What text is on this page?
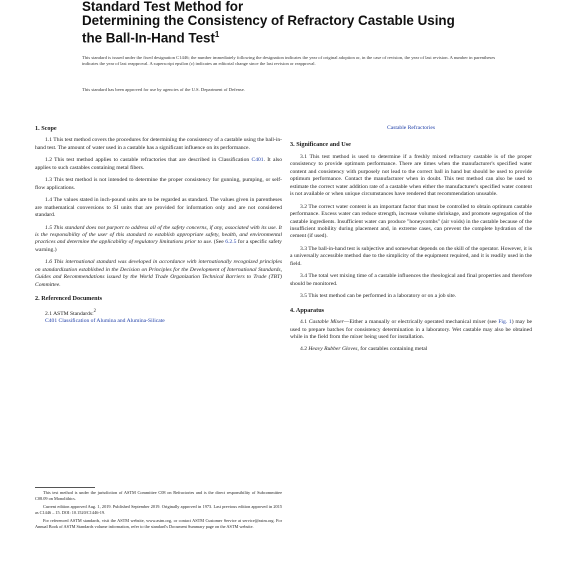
Standard Test Method for
Determining the Consistency of Refractory Castable Using
the Ball-In-Hand Test$^1$
This standard is issued under the fixed designation C1446; the number immediately following the designation indicates the year of original adoption or, in the case of revision, the year of last revision. A number in parentheses indicates the year of last reapproval. A superscript epsilon (ε) indicates an editorial change since the last revision or reapproval.
This standard has been approved for use by agencies of the U.S. Department of Defense.
1. Scope
1.1 This test method covers the procedures for determining the consistency of a castable using the ball-in-hand test. The amount of water used in a castable has a significant influence on its performance.
1.2 This test method applies to castable refractories that are described in Classification C401. It also applies to such castables containing metal fibers.
1.3 This test method is not intended to determine the proper consistency for gunning, pumping, or self-flow applications.
1.4 The values stated in inch-pound units are to be regarded as standard. The values given in parentheses are mathematical conversions to SI units that are provided for information only and are not considered standard.
1.5 This standard does not purport to address all of the safety concerns, if any, associated with its use. It is the responsibility of the user of this standard to establish appropriate safety, health, and environmental practices and determine the applicability of regulatory limitations prior to use. (See 6.2.5 for a specific safety warning.)
1.6 This international standard was developed in accordance with internationally recognized principles on standardization established in the Decision on Principles for the Development of International Standards, Guides and Recommendations issued by the World Trade Organization Technical Barriers to Trade (TBT) Committee.
2. Referenced Documents
2.1 ASTM Standards:$^2$
C401 Classification of Alumina and Alumina-Silicate
Castable Refractories
3. Significance and Use
3.1 This test method is used to determine if a freshly mixed refractory castable is of the proper consistency to provide optimum performance. There are times when the manufacturer's specified water content and consistency with purposely not lead to the correct ball in hand but should be used to provide optimum performance. Contact the manufacturer when in doubt. This test method can also be used to estimate the correct water addition rate of a castable when either the manufacturer's specified water content is not available or when unique circumstances have rendered that recommendation unusable.
3.2 The correct water content is an important factor that must be controlled to obtain optimum castable performance. Excess water can reduce strength, increase volume shrinkage, and promote segregation of the castable ingredients. Insufficient water can produce "honeycombs" (air voids) in the castable because of the insufficient mobility during placement and, in extreme cases, can prevent the complete hydration of the cement (if used).
3.3 The ball-in-hand test is subjective and somewhat depends on the skill of the operator. However, it is a universally accessible method due to the simplicity of the equipment required, and it is readily used in the field.
3.4 The total wet mixing time of a castable influences the rheological and final properties and therefore should be monitored.
3.5 This test method can be performed in a laboratory or on a job site.
4. Apparatus
4.1 Castable Mixer—Either a manually or electrically operated mechanical mixer (see Fig. 1) may be used to prepare batches for consistency determination in a laboratory. Wet castable may also be obtained while in the field from the mixer being used for installation.
4.2 Heavy Rubber Gloves, for castables containing metal

This test method is under the jurisdiction of ASTM Committee C08 on Refractories and is the direct responsibility of Subcommittee C08.09 on Monolithics.

Current edition approved Aug. 1, 2019. Published September 2019. Originally approved in 1973. Last previous edition approved in 2015 as C1446 – 15. DOI: 10.1520/C1446-19.

For referenced ASTM standards, visit the ASTM website, www.astm.org, or contact ASTM Customer Service at service@astm.org. For Annual Book of ASTM Standards volume information, refer to the standard's Document Summary page on the ASTM website.
